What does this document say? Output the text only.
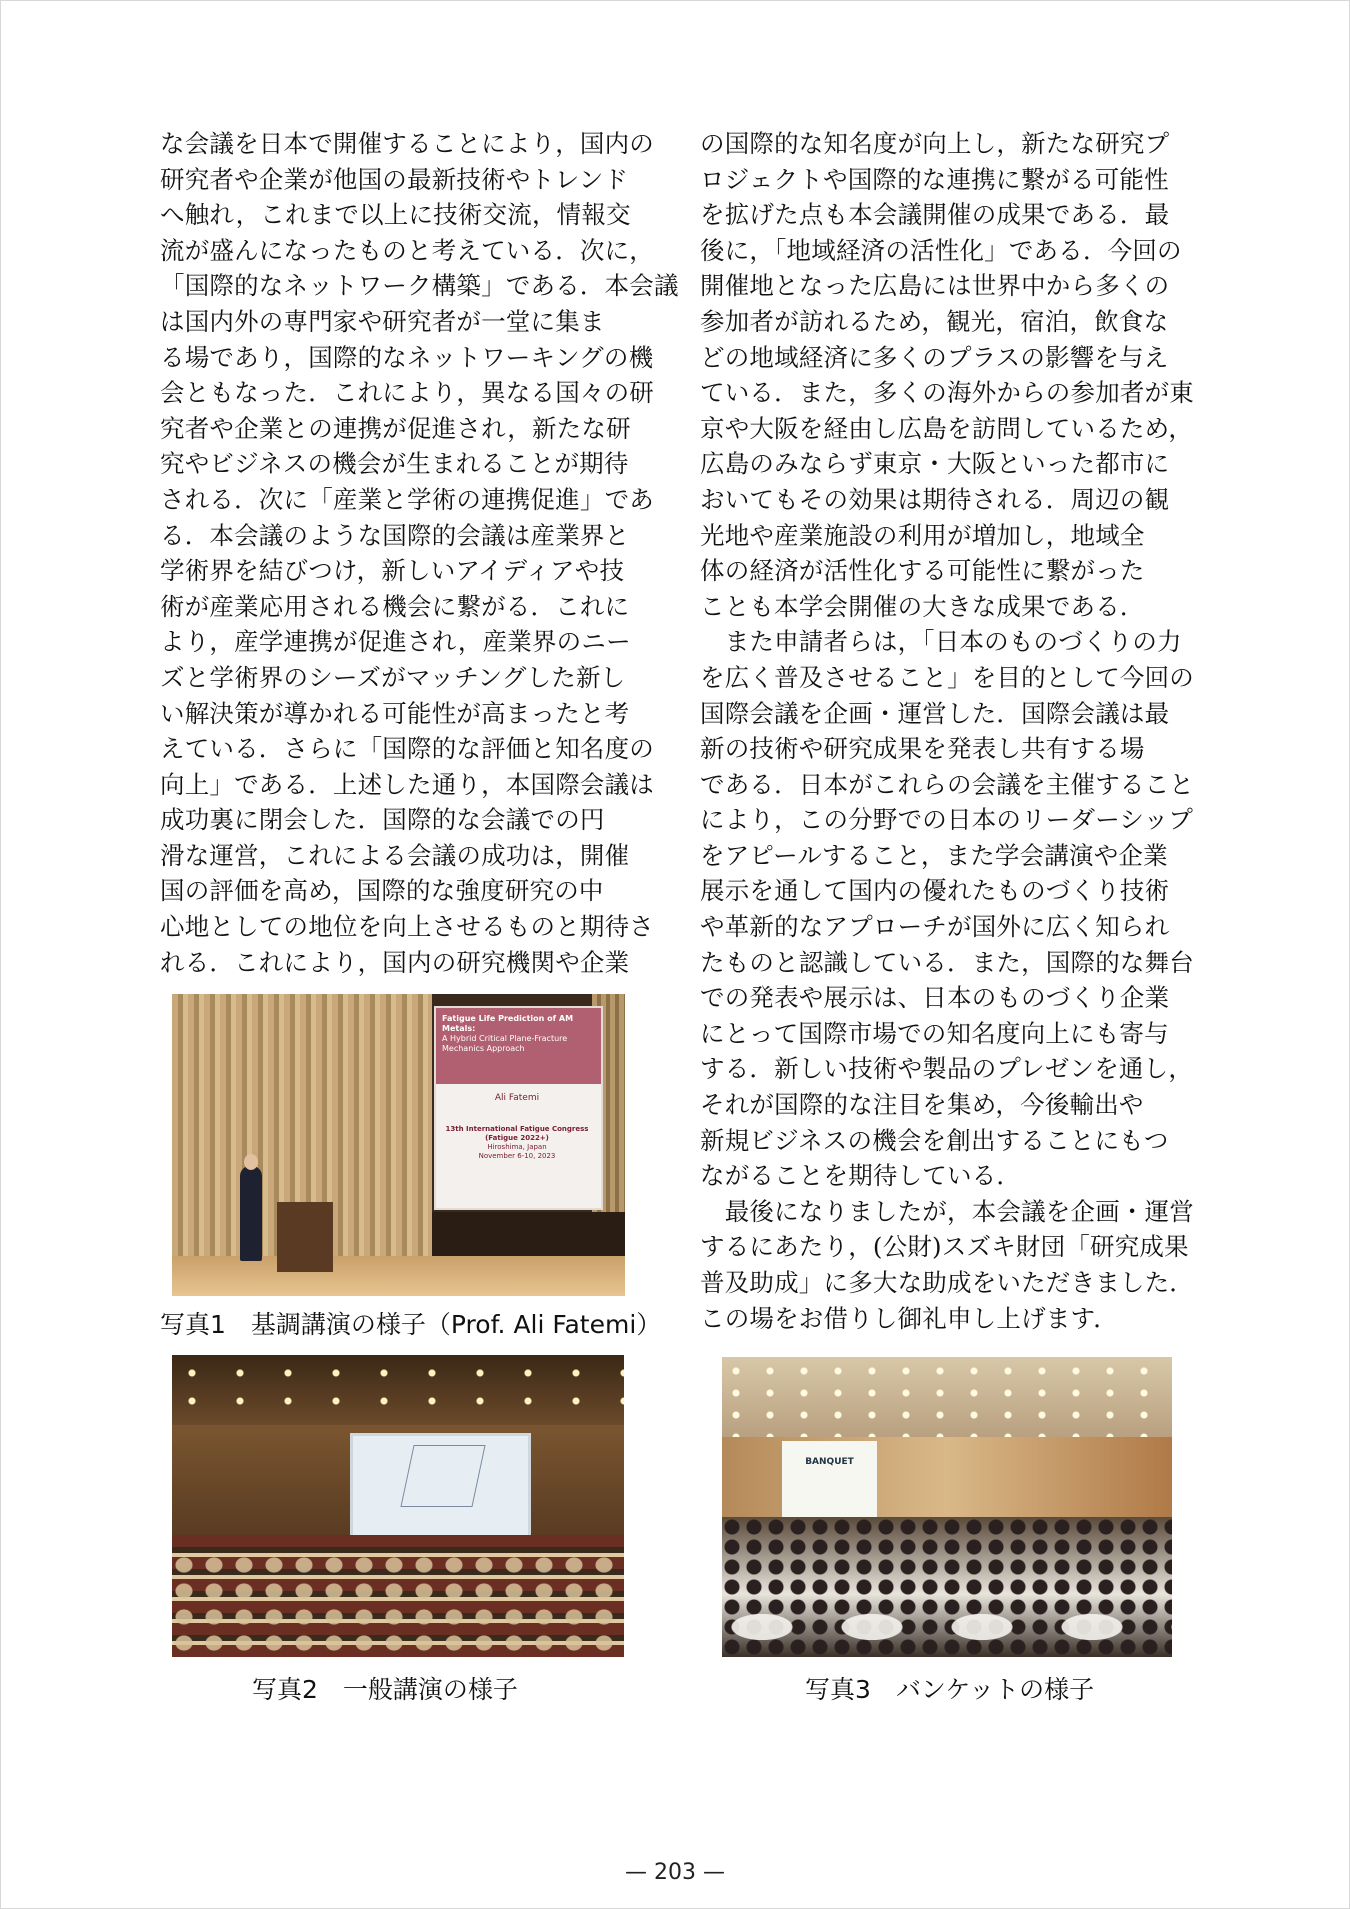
な会議を日本で開催することにより，国内の

研究者や企業が他国の最新技術やトレンド

へ触れ，これまで以上に技術交流，情報交

流が盛んになったものと考えている．次に，

「国際的なネットワーク構築」である．本会議

は国内外の専門家や研究者が一堂に集ま

る場であり，国際的なネットワーキングの機

会ともなった．これにより，異なる国々の研

究者や企業との連携が促進され，新たな研

究やビジネスの機会が生まれることが期待

される．次に「産業と学術の連携促進」であ

る．本会議のような国際的会議は産業界と

学術界を結びつけ，新しいアイディアや技

術が産業応用される機会に繋がる．これに

より，産学連携が促進され，産業界のニー

ズと学術界のシーズがマッチングした新し

い解決策が導かれる可能性が高まったと考

えている．さらに「国際的な評価と知名度の

向上」である．上述した通り，本国際会議は

成功裏に閉会した．国際的な会議での円

滑な運営，これによる会議の成功は，開催

国の評価を高め，国際的な強度研究の中

心地としての地位を向上させるものと期待さ

れる．これにより，国内の研究機関や企業

の国際的な知名度が向上し，新たな研究プ

ロジェクトや国際的な連携に繋がる可能性

を拡げた点も本会議開催の成果である．最

後に，「地域経済の活性化」である．今回の

開催地となった広島には世界中から多くの

参加者が訪れるため，観光，宿泊，飲食な

どの地域経済に多くのプラスの影響を与え

ている．また，多くの海外からの参加者が東

京や大阪を経由し広島を訪問しているため，

広島のみならず東京・大阪といった都市に

おいてもその効果は期待される．周辺の観

光地や産業施設の利用が増加し，地域全

体の経済が活性化する可能性に繋がった

ことも本学会開催の大きな成果である．

　また申請者らは，「日本のものづくりの力

を広く普及させること」を目的として今回の

国際会議を企画・運営した．国際会議は最

新の技術や研究成果を発表し共有する場

である．日本がこれらの会議を主催すること

により，この分野での日本のリーダーシップ

をアピールすること，また学会講演や企業

展示を通して国内の優れたものづくり技術

や革新的なアプローチが国外に広く知られ

たものと認識している．また，国際的な舞台

での発表や展示は、日本のものづくり企業

にとって国際市場での知名度向上にも寄与

する．新しい技術や製品のプレゼンを通し，

それが国際的な注目を集め，今後輸出や

新規ビジネスの機会を創出することにもつ

ながることを期待している．

　最後になりましたが，本会議を企画・運営

するにあたり，(公財)スズキ財団「研究成果

普及助成」に多大な助成をいただきました．

この場をお借りし御礼申し上げます．

Fatigue Life Prediction of AM Metals:
A Hybrid Critical Plane-Fracture Mechanics Approach
Ali Fatemi
13th International Fatigue Congress (Fatigue 2022+)
Hiroshima, Japan
November 6-10, 2023
写真1　基調講演の様子（Prof. Ali Fatemi）
写真2　一般講演の様子
BANQUET
写真3　バンケットの様子
— 203 —
